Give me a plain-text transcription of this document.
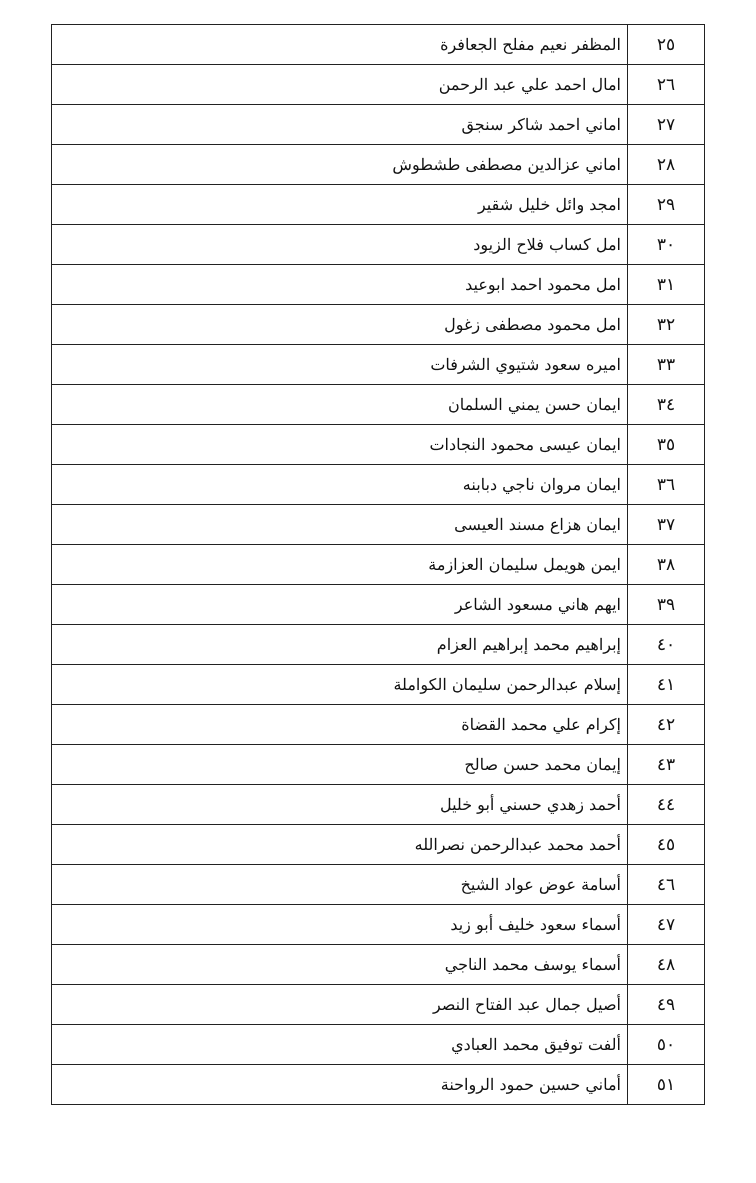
٢٥	المظفر نعيم مفلح الجعافرة
٢٦	امال احمد علي عبد الرحمن
٢٧	اماني احمد شاكر سنجق
٢٨	اماني عزالدين مصطفى طشطوش
٢٩	امجد وائل خليل شقير
٣٠	امل كساب فلاح الزيود
٣١	امل محمود احمد ابوعيد
٣٢	امل محمود مصطفى زغول
٣٣	اميره سعود شتيوي الشرفات
٣٤	ايمان حسن يمني السلمان
٣٥	ايمان عيسى محمود النجادات
٣٦	ايمان مروان ناجي دبابنه
٣٧	ايمان هزاع مسند العيسى
٣٨	ايمن هويمل سليمان العزازمة
٣٩	ايهم هاني مسعود الشاعر
٤٠	إبراهيم محمد إبراهيم العزام
٤١	إسلام عبدالرحمن سليمان الكواملة
٤٢	إكرام علي محمد القضاة
٤٣	إيمان محمد حسن صالح
٤٤	أحمد زهدي حسني أبو خليل
٤٥	أحمد محمد عبدالرحمن نصرالله
٤٦	أسامة عوض عواد الشيخ
٤٧	أسماء سعود خليف أبو زيد
٤٨	أسماء يوسف محمد الناجي
٤٩	أصيل جمال عبد الفتاح النصر
٥٠	ألفت توفيق محمد العبادي
٥١	أماني حسين حمود الرواحنة
